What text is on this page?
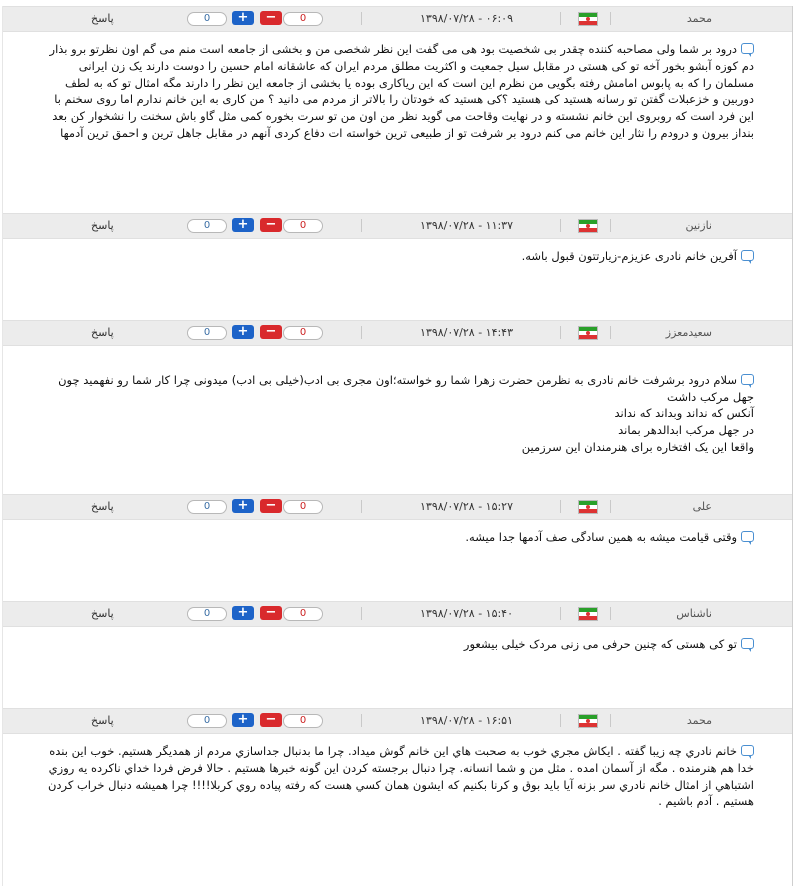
پاسخ	0	+	−	0	۱۳۹۸/۰۷/۲۸ - ۰۶:۰۹	محمد
درود بر شما ولی مصاحبه کننده چقدر بی شخصیت بود هی می گفت این نظر شخصی من و بخشی از جامعه است منم می گم اون نظرتو برو بذار دم کوزه آبشو بخور آخه تو کی هستی در مقابل سیل جمعیت و اکثریت مطلق مردم ایران که عاشقانه امام حسین را دوست دارند یک زن ایرانی مسلمان را که به پابوس امامش رفته بگویی من نظرم این است که این ریاکاری بوده یا بخشی از جامعه این نظر را دارند مگه امثال تو که به لطف دوربین و خزعبلات گفتن تو رسانه هستید کی هستید ؟کی هستید که خودتان را بالاتر از مردم می دانید ؟ من کاری به این خانم ندارم اما روی سخنم با این فرد است که روبروی این خانم نشسته و در نهایت وقاحت می گوید نظر من اون من تو سرت بخوره کمی مثل گاو باش سخنت را نشخوار کن بعد بنداز بیرون و درودم را نثار این خانم می کنم درود بر شرفت تو از طبیعی ترین خواسته ات دفاع کردی آنهم در مقابل جاهل ترین و احمق ترین آدمها
پاسخ	0	+	−	0	۱۳۹۸/۰۷/۲۸ - ۱۱:۳۷	نازنین
آفرین خانم نادری عزیزم-زیارتتون قبول باشه.
پاسخ	0	+	−	0	۱۳۹۸/۰۷/۲۸ - ۱۴:۴۳	سعیدمعزز

سلام درود برشرفت خانم نادری به نظرمن حضرت زهرا شما رو خواسته؛اون مجری بی ادب(خیلی بی ادب) میدونی چرا کار شما رو نفهمید چون جهل مرکب داشت
آنکس که نداند وبداند که نداند
در جهل مرکب ابدالدهر بماند
واقعا این یک افتخاره برای هنرمندان این سرزمین

پاسخ	0	+	−	0	۱۳۹۸/۰۷/۲۸ - ۱۵:۲۷	علی
وقتی قیامت میشه به همین سادگی صف آدمها جدا میشه.
پاسخ	0	+	−	0	۱۳۹۸/۰۷/۲۸ - ۱۵:۴۰	ناشناس
تو کی هستی که چنین حرفی می زنی مردک خیلی بیشعور
پاسخ	0	+	−	0	۱۳۹۸/۰۷/۲۸ - ۱۶:۵۱	محمد
خانم نادري چه زيبا گفته . ايكاش مجري خوب به صحبت هاي اين خانم گوش ميداد. چرا ما بدنبال جداسازي مردم از همديگر هستيم. خوب اين بنده خدا هم هنرمنده . مگه از آسمان امده . مثل من و شما انسانه. چرا دنبال برجسته كردن اين گونه خبرها هستيم . حالا فرض فردا خداي ناكرده يه روزي اشتباهي از امثال خانم نادري سر بزنه آيا بايد بوق و كرنا بكنيم كه ايشون همان كسي هست كه رفته پياده روي كربلا!!!! چرا هميشه دنبال خراب كردن هستيم . آدم باشيم .
